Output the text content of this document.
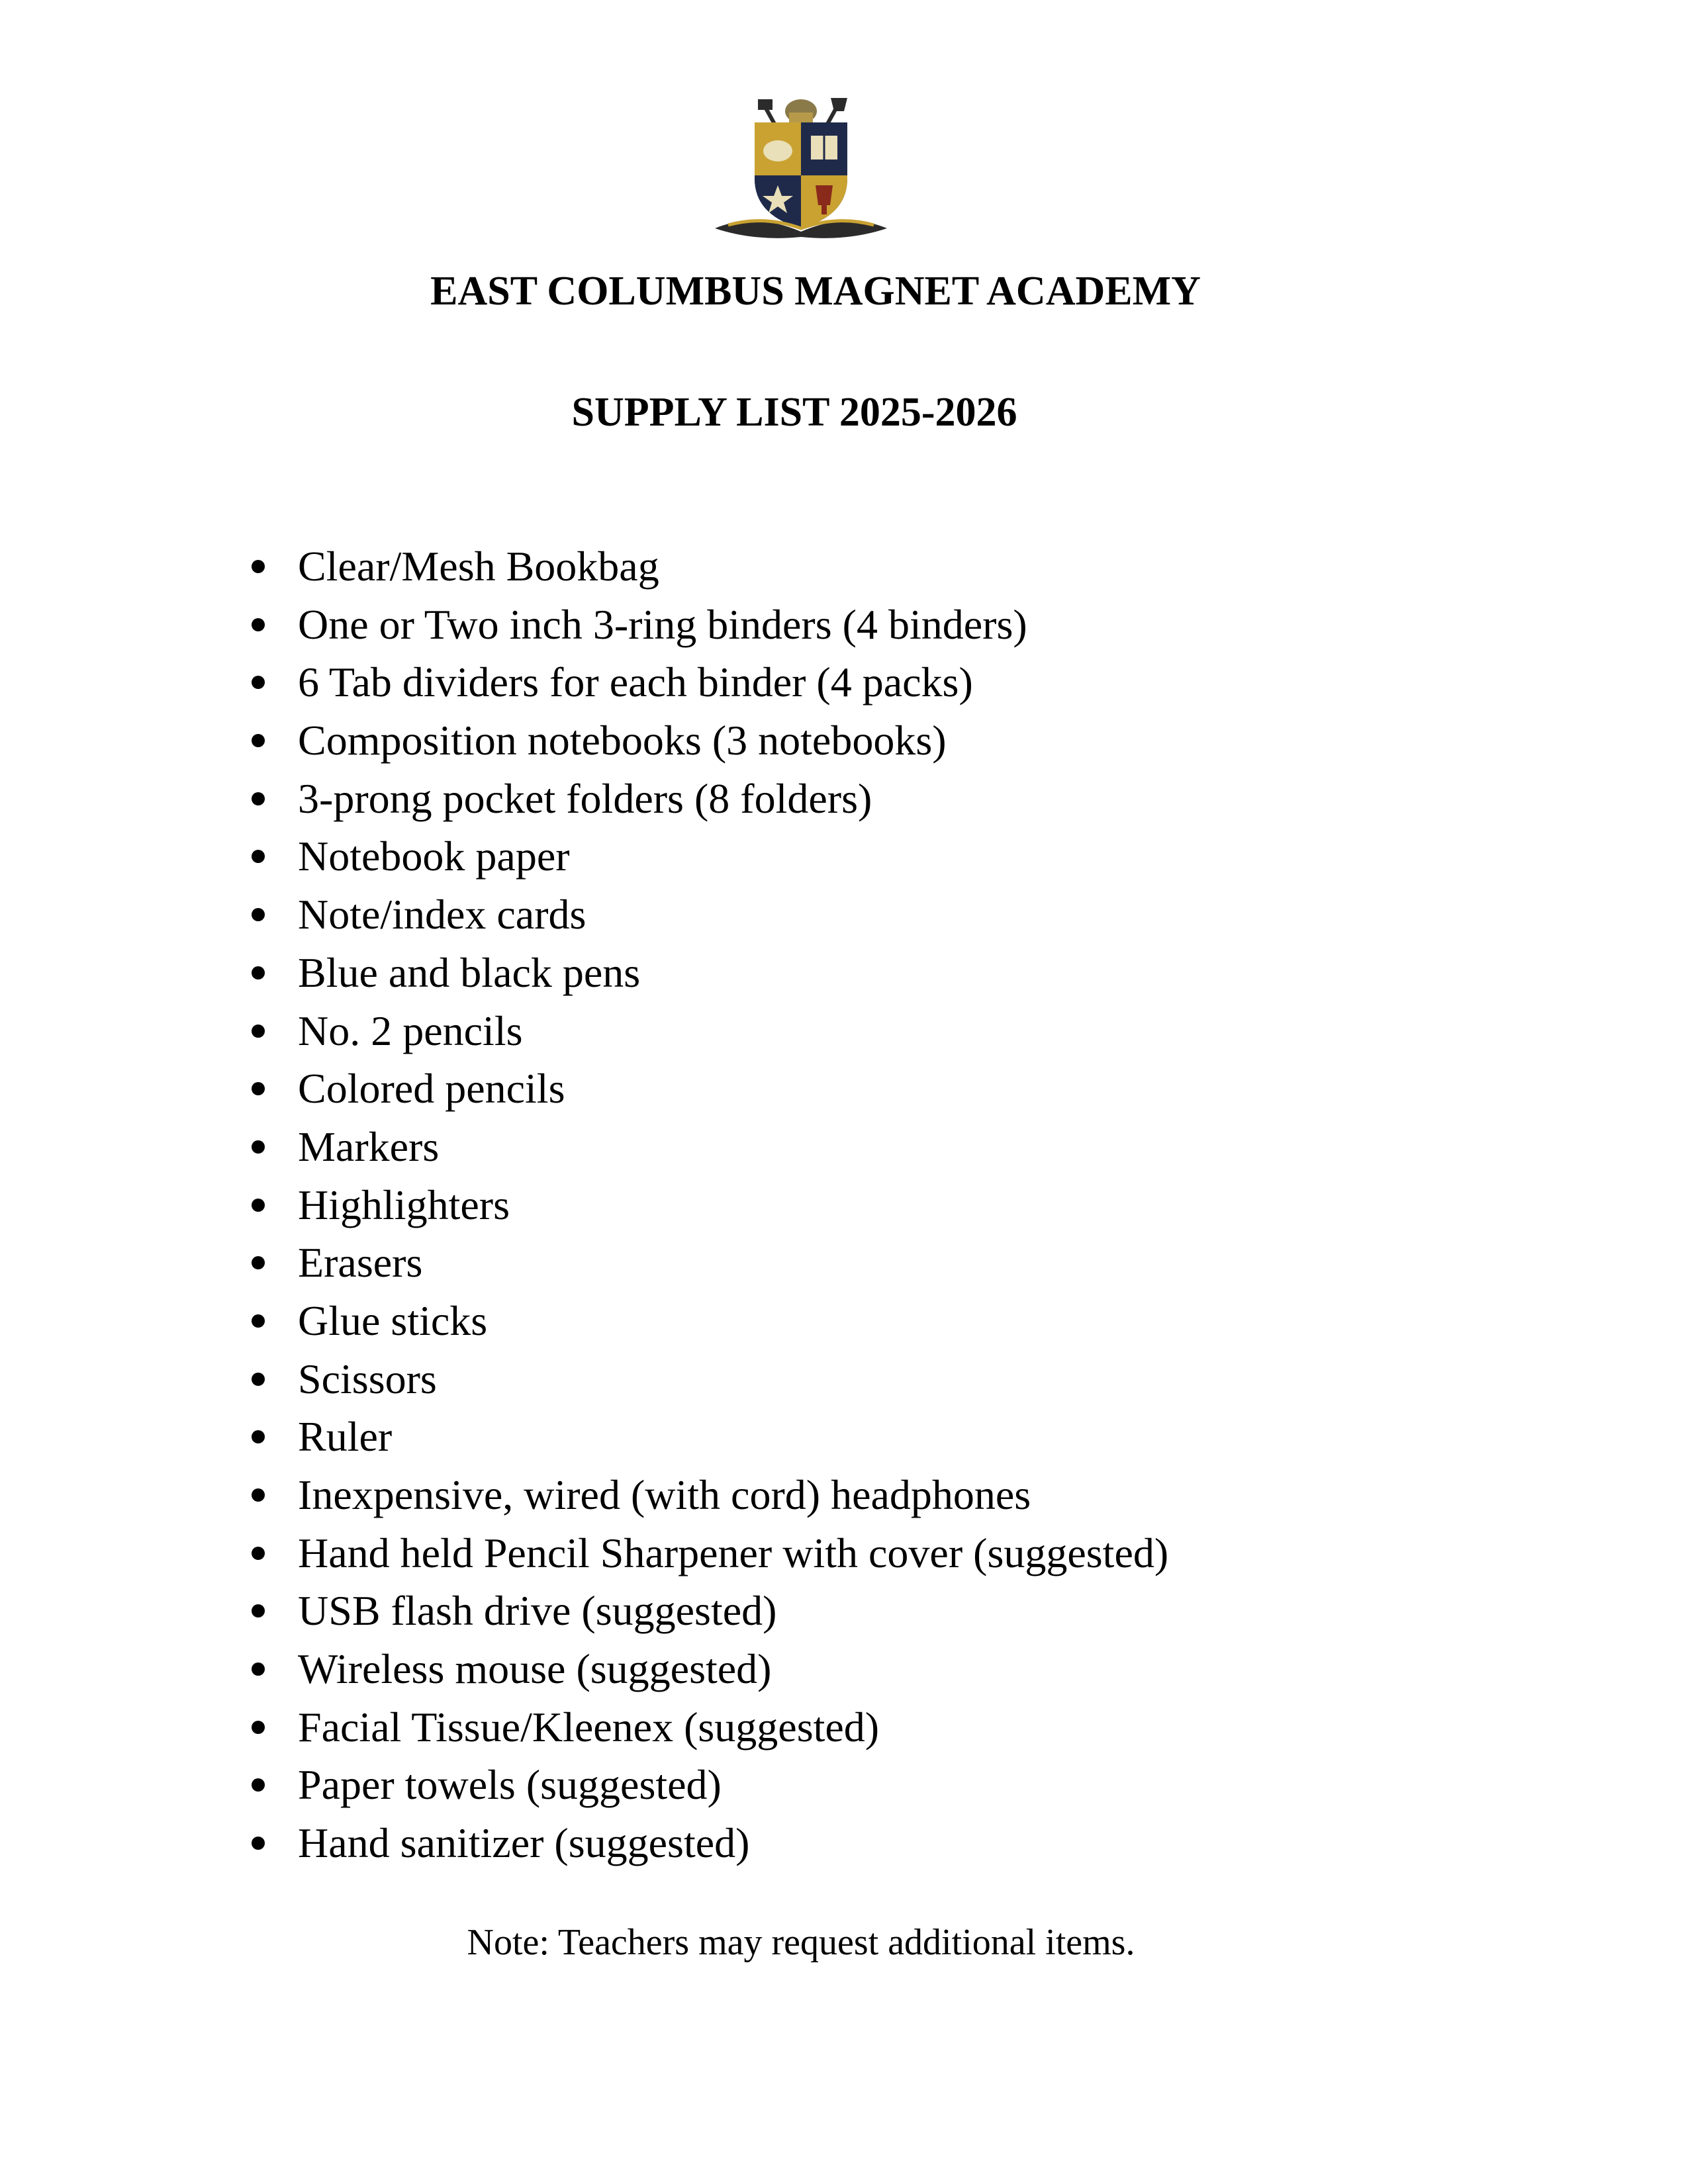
EAST COLUMBUS MAGNET ACADEMY
SUPPLY LIST 2025-2026
Clear/Mesh Bookbag
One or Two inch 3-ring binders (4 binders)
6 Tab dividers for each binder (4 packs)
Composition notebooks (3 notebooks)
3-prong pocket folders (8 folders)
Notebook paper
Note/index cards
Blue and black pens
No. 2 pencils
Colored pencils
Markers
Highlighters
Erasers
Glue sticks
Scissors
Ruler
Inexpensive, wired (with cord) headphones
Hand held Pencil Sharpener with cover (suggested)
USB flash drive (suggested)
Wireless mouse (suggested)
Facial Tissue/Kleenex (suggested)
Paper towels (suggested)
Hand sanitizer (suggested)

Note: Teachers may request additional items.
